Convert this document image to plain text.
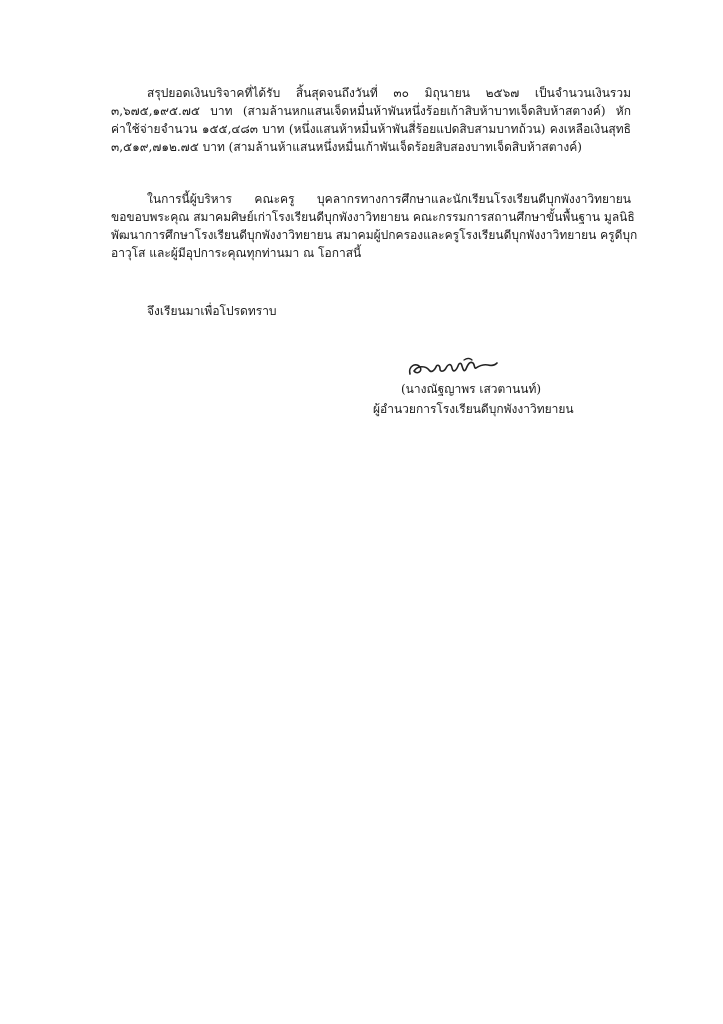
สรุปยอดเงินบริจาคที่ได้รับ สิ้นสุดจนถึงวันที่ ๓๐ มิถุนายน ๒๕๖๗ เป็นจำนวนเงินรวม
๓,๖๗๕,๑๙๕.๗๕ บาท (สามล้านหกแสนเจ็ดหมื่นห้าพันหนึ่งร้อยเก้าสิบห้าบาทเจ็ดสิบห้าสตางค์) หัก
ค่าใช้จ่ายจำนวน ๑๕๕,๔๘๓ บาท (หนึ่งแสนห้าหมื่นห้าพันสี่ร้อยแปดสิบสามบาทถ้วน) คงเหลือเงินสุทธิ
๓,๕๑๙,๗๑๒.๗๕ บาท (สามล้านห้าแสนหนึ่งหมื่นเก้าพันเจ็ดร้อยสิบสองบาทเจ็ดสิบห้าสตางค์)
ในการนี้ผู้บริหาร คณะครู บุคลากรทางการศึกษาและนักเรียนโรงเรียนดีบุกพังงาวิทยายน
ขอขอบพระคุณ สมาคมศิษย์เก่าโรงเรียนดีบุกพังงาวิทยายน คณะกรรมการสถานศึกษาขั้นพื้นฐาน มูลนิธิ
พัฒนาการศึกษาโรงเรียนดีบุกพังงาวิทยายน สมาคมผู้ปกครองและครูโรงเรียนดีบุกพังงาวิทยายน ครูดีบุก
อาวุโส และผู้มีอุปการะคุณทุกท่านมา ณ โอกาสนี้
จึงเรียนมาเพื่อโปรดทราบ
(นางณัฐญาพร เสวตานนท์)
ผู้อำนวยการโรงเรียนดีบุกพังงาวิทยายน
